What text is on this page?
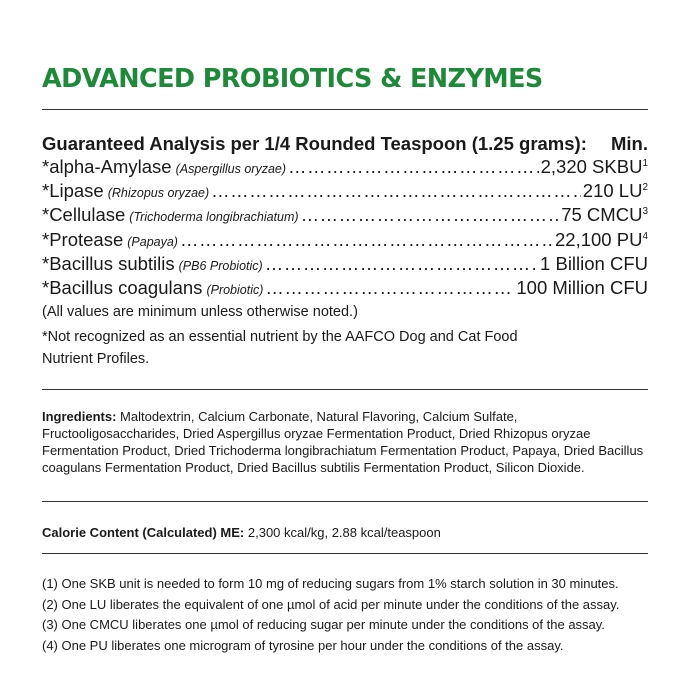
ADVANCED PROBIOTICS & ENZYMES
Guaranteed Analysis per 1/4 Rounded Teaspoon (1.25 grams): Min.
*alpha-Amylase (Aspergillus oryzae) ………………………………………………………………………………………………………………	2,320 SKBU$^1$
*Lipase (Rhizopus oryzae) ………………………………………………………………………………………………………………	210 $LU^2$
*Cellulase (Trichoderma longibrachiatum) ………………………………………………………………………………………………………………	75 CMCU$^3$
*Protease (Papaya) ………………………………………………………………………………………………………………	22,100 $PU^4$
*Bacillus subtilis (PB6 Probiotic) ………………………………………………………………………………………………………………	1 Billion CFU
*Bacillus coagulans (Probiotic) ………………………………………………………………………………………………………………	100 Million CFU
(All values are minimum unless otherwise noted.)
*Not recognized as an essential nutrient by the AAFCO Dog and Cat Food
Nutrient Profiles.
Ingredients: Maltodextrin, Calcium Carbonate, Natural Flavoring, Calcium Sulfate, Fructooligosaccharides, Dried Aspergillus oryzae Fermentation Product, Dried Rhizopus oryzae Fermentation Product, Dried Trichoderma longibrachiatum Fermentation Product, Papaya, Dried Bacillus coagulans Fermentation Product, Dried Bacillus subtilis Fermentation Product, Silicon Dioxide.
Calorie Content (Calculated) ME: 2,300 kcal/kg, 2.88 kcal/teaspoon
(1) One SKB unit is needed to form 10 mg of reducing sugars from 1% starch solution in 30 minutes.
(2) One LU liberates the equivalent of one µmol of acid per minute under the conditions of the assay.
(3) One CMCU liberates one µmol of reducing sugar per minute under the conditions of the assay.
(4) One PU liberates one microgram of tyrosine per hour under the conditions of the assay.
